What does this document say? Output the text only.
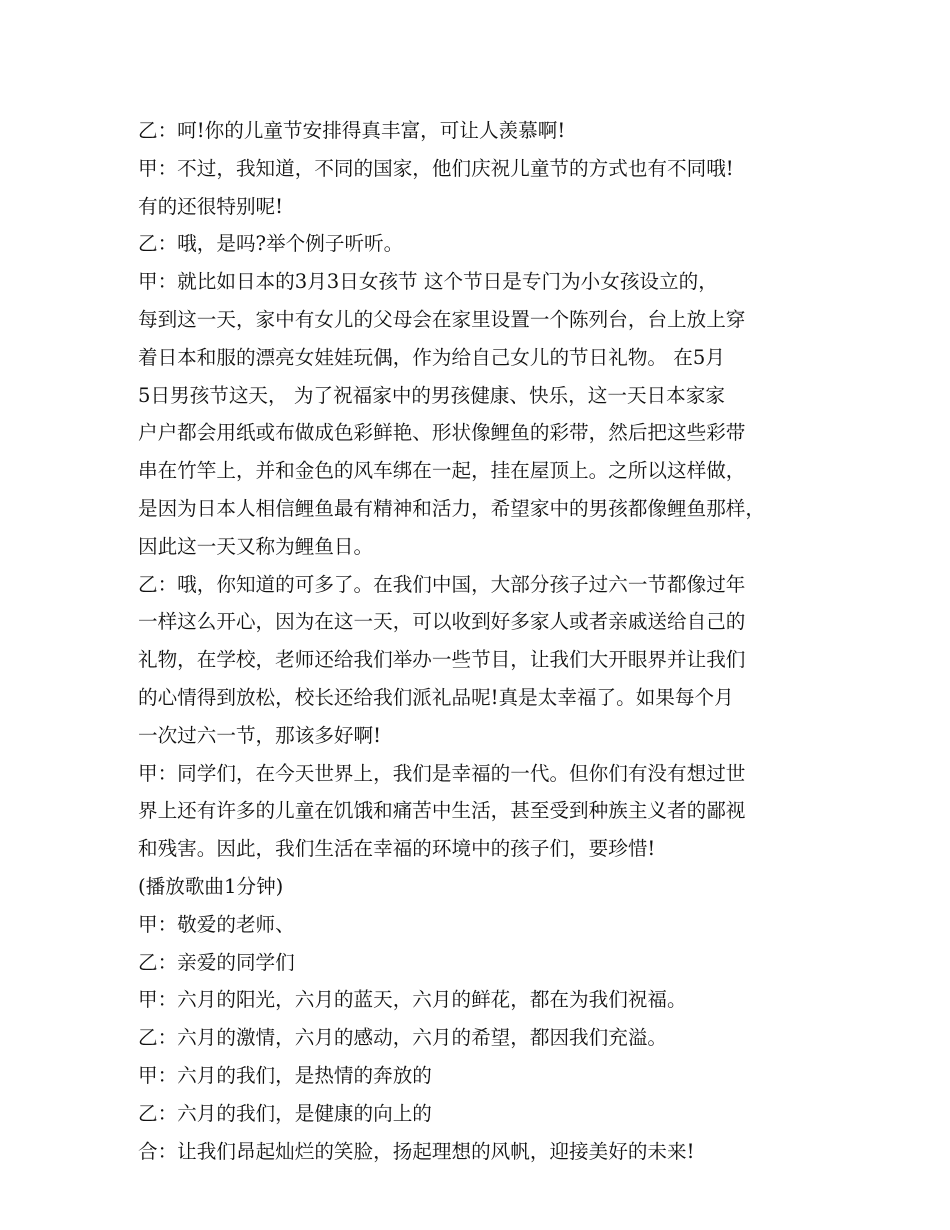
乙：呵!你的儿童节安排得真丰富，可让人羡慕啊!
甲：不过，我知道，不同的国家，他们庆祝儿童节的方式也有不同哦!
有的还很特别呢!
乙：哦，是吗?举个例子听听。
甲：就比如日本的3月3日女孩节 这个节日是专门为小女孩设立的，
每到这一天，家中有女儿的父母会在家里设置一个陈列台，台上放上穿
着日本和服的漂亮女娃娃玩偶，作为给自己女儿的节日礼物。 在5月
5日男孩节这天， 为了祝福家中的男孩健康、快乐，这一天日本家家
户户都会用纸或布做成色彩鲜艳、形状像鲤鱼的彩带，然后把这些彩带
串在竹竿上，并和金色的风车绑在一起，挂在屋顶上。之所以这样做，
是因为日本人相信鲤鱼最有精神和活力，希望家中的男孩都像鲤鱼那样，
因此这一天又称为鲤鱼日。
乙：哦，你知道的可多了。在我们中国，大部分孩子过六一节都像过年
一样这么开心，因为在这一天，可以收到好多家人或者亲戚送给自己的
礼物，在学校，老师还给我们举办一些节目，让我们大开眼界并让我们
的心情得到放松，校长还给我们派礼品呢!真是太幸福了。如果每个月
一次过六一节，那该多好啊!
甲：同学们，在今天世界上，我们是幸福的一代。但你们有没有想过世
界上还有许多的儿童在饥饿和痛苦中生活，甚至受到种族主义者的鄙视
和残害。因此，我们生活在幸福的环境中的孩子们，要珍惜!
(播放歌曲1分钟)
甲：敬爱的老师、
乙：亲爱的同学们
甲：六月的阳光，六月的蓝天，六月的鲜花，都在为我们祝福。
乙：六月的激情，六月的感动，六月的希望，都因我们充溢。
甲：六月的我们，是热情的奔放的
乙：六月的我们，是健康的向上的
合：让我们昂起灿烂的笑脸，扬起理想的风帆，迎接美好的未来!
